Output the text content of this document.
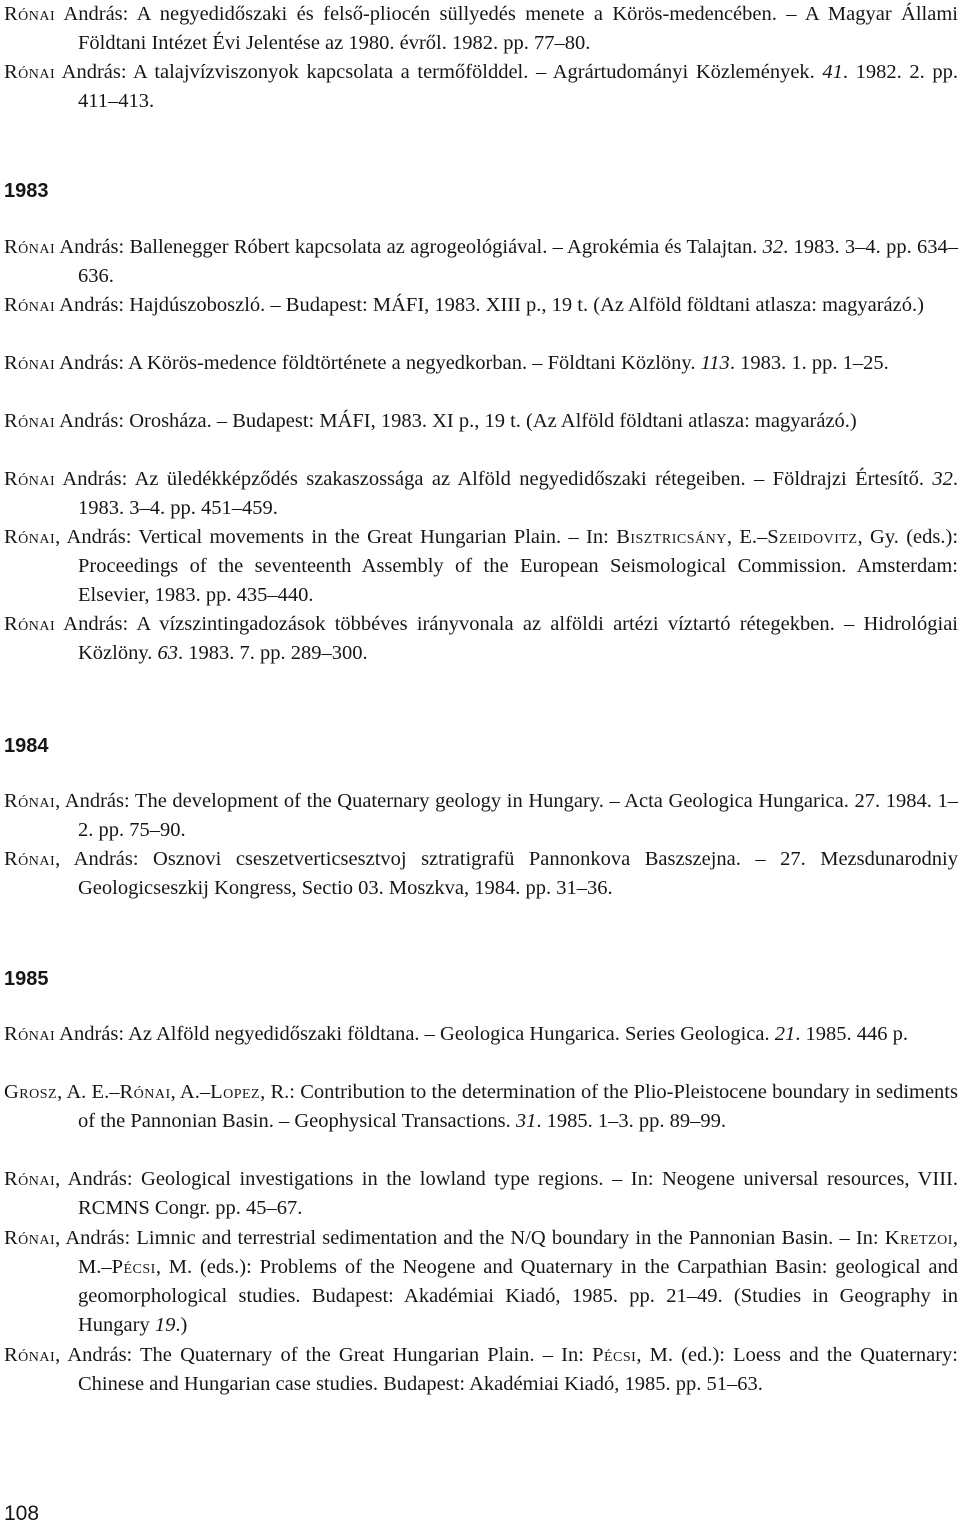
Rónai András: A negyedidőszaki és felső-pliocén süllyedés menete a Körös-medencében. – A Magyar Állami Földtani Intézet Évi Jelentése az 1980. évről. 1982. pp. 77–80.

Rónai András: A talajvízviszonyok kapcsolata a termőfölddel. – Agrártudományi Közlemények. 41. 1982. 2. pp. 411–413.

1983

Rónai András: Ballenegger Róbert kapcsolata az agrogeológiával. – Agrokémia és Talajtan. 32. 1983. 3–4. pp. 634–636.

Rónai András: Hajdúszoboszló. – Budapest: MÁFI, 1983. XIII p., 19 t. (Az Alföld földtani atlasza: magyarázó.)

Rónai András: A Körös-medence földtörténete a negyedkorban. – Földtani Közlöny. 113. 1983. 1. pp. 1–25.

Rónai András: Orosháza. – Budapest: MÁFI, 1983. XI p., 19 t. (Az Alföld földtani atlasza: magyarázó.)

Rónai András: Az üledékképződés szakaszossága az Alföld negyedidőszaki rétegeiben. – Földrajzi Értesítő. 32. 1983. 3–4. pp. 451–459.

Rónai, András: Vertical movements in the Great Hungarian Plain. – In: Bisztricsány, E.–Szeidovitz, Gy. (eds.): Proceedings of the seventeenth Assembly of the European Seismological Commission. Amsterdam: Elsevier, 1983. pp. 435–440.

Rónai András: A vízszintingadozások többéves irányvonala az alföldi artézi víztartó rétegekben. – Hidrológiai Közlöny. 63. 1983. 7. pp. 289–300.

1984

Rónai, András: The development of the Quaternary geology in Hungary. – Acta Geologica Hungarica. 27. 1984. 1–2. pp. 75–90.

Rónai, András: Osznovi cseszetverticsesztvoj sztratigrafü Pannonkova Baszszejna. – 27. Mezsdunarodniy Geologicseszkij Kongress, Sectio 03. Moszkva, 1984. pp. 31–36.

1985

Rónai András: Az Alföld negyedidőszaki földtana. – Geologica Hungarica. Series Geologica. 21. 1985. 446 p.

Grosz, A. E.–Rónai, A.–Lopez, R.: Contribution to the determination of the Plio-Pleistocene boundary in sediments of the Pannonian Basin. – Geophysical Transactions. 31. 1985. 1–3. pp. 89–99.

Rónai, András: Geological investigations in the lowland type regions. – In: Neogene universal resources, VIII. RCMNS Congr. pp. 45–67.

Rónai, András: Limnic and terrestrial sedimentation and the N/Q boundary in the Pannonian Basin. – In: Kretzoi, M.–Pécsi, M. (eds.): Problems of the Neogene and Quaternary in the Carpathian Basin: geological and geomorphological studies. Budapest: Akadémiai Kiadó, 1985. pp. 21–49. (Studies in Geography in Hungary 19.)

Rónai, András: The Quaternary of the Great Hungarian Plain. – In: Pécsi, M. (ed.): Loess and the Quaternary: Chinese and Hungarian case studies. Budapest: Akadémiai Kiadó, 1985. pp. 51–63.

108
